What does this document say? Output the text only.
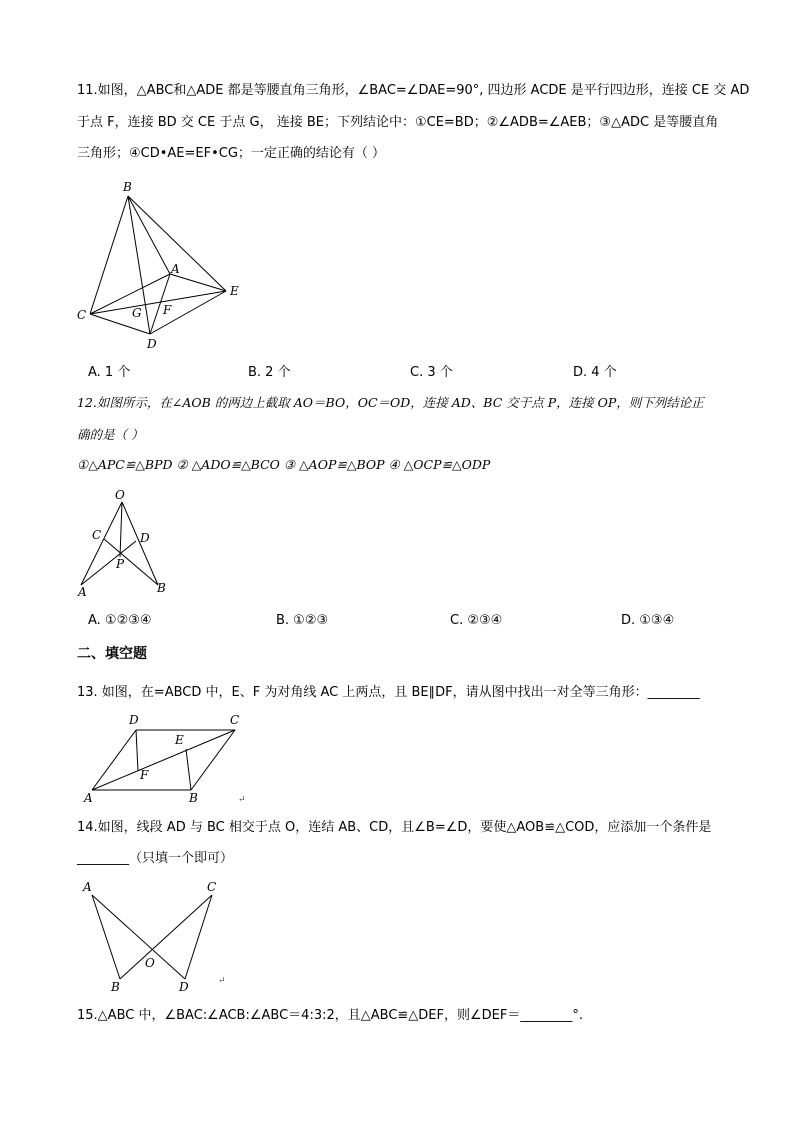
11.如图，△ABC和△ADE 都是等腰直角三角形，∠BAC=∠DAE=90°, 四边形 ACDE 是平行四边形，连接 CE 交 AD
于点 F，连接 BD 交 CE 于点 G， 连接 BE；下列结论中：①CE=BD；②∠ADB=∠AEB；③△ADC 是等腰直角
三角形；④CD•AE=EF•CG；一定正确的结论有（ ）
B
A
E
C	G F
D
A. 1 个	B. 2 个	C. 3 个	D. 4 个
12.如图所示，在∠AOB 的两边上截取 AO＝BO，OC＝OD，连接 AD、BC 交于点 P，连接 OP，则下列结论正
确的是（ ）
①△APC≌△BPD ② △ADO≌△BCO ③ △AOP≌△BOP ④ △OCP≌△ODP
O
C	D
P
A	B
A. ①②③④	B. ①②③	C. ②③④	D. ①③④
二、填空题
13. 如图，在=ABCD 中，E、F 为对角线 AC 上两点，且 BE∥DF，请从图中找出一对全等三角形：________
D	C
E
F
A	B	↵
14.如图，线段 AD 与 BC 相交于点 O，连结 AB、CD，且∠B=∠D，要使△AOB≌△COD，应添加一个条件是
________（只填一个即可）
A	C
O
B	D	↵
15.△ABC 中，∠BAC:∠ACB:∠ABC＝4:3:2，且△ABC≌△DEF，则∠DEF＝________°.
